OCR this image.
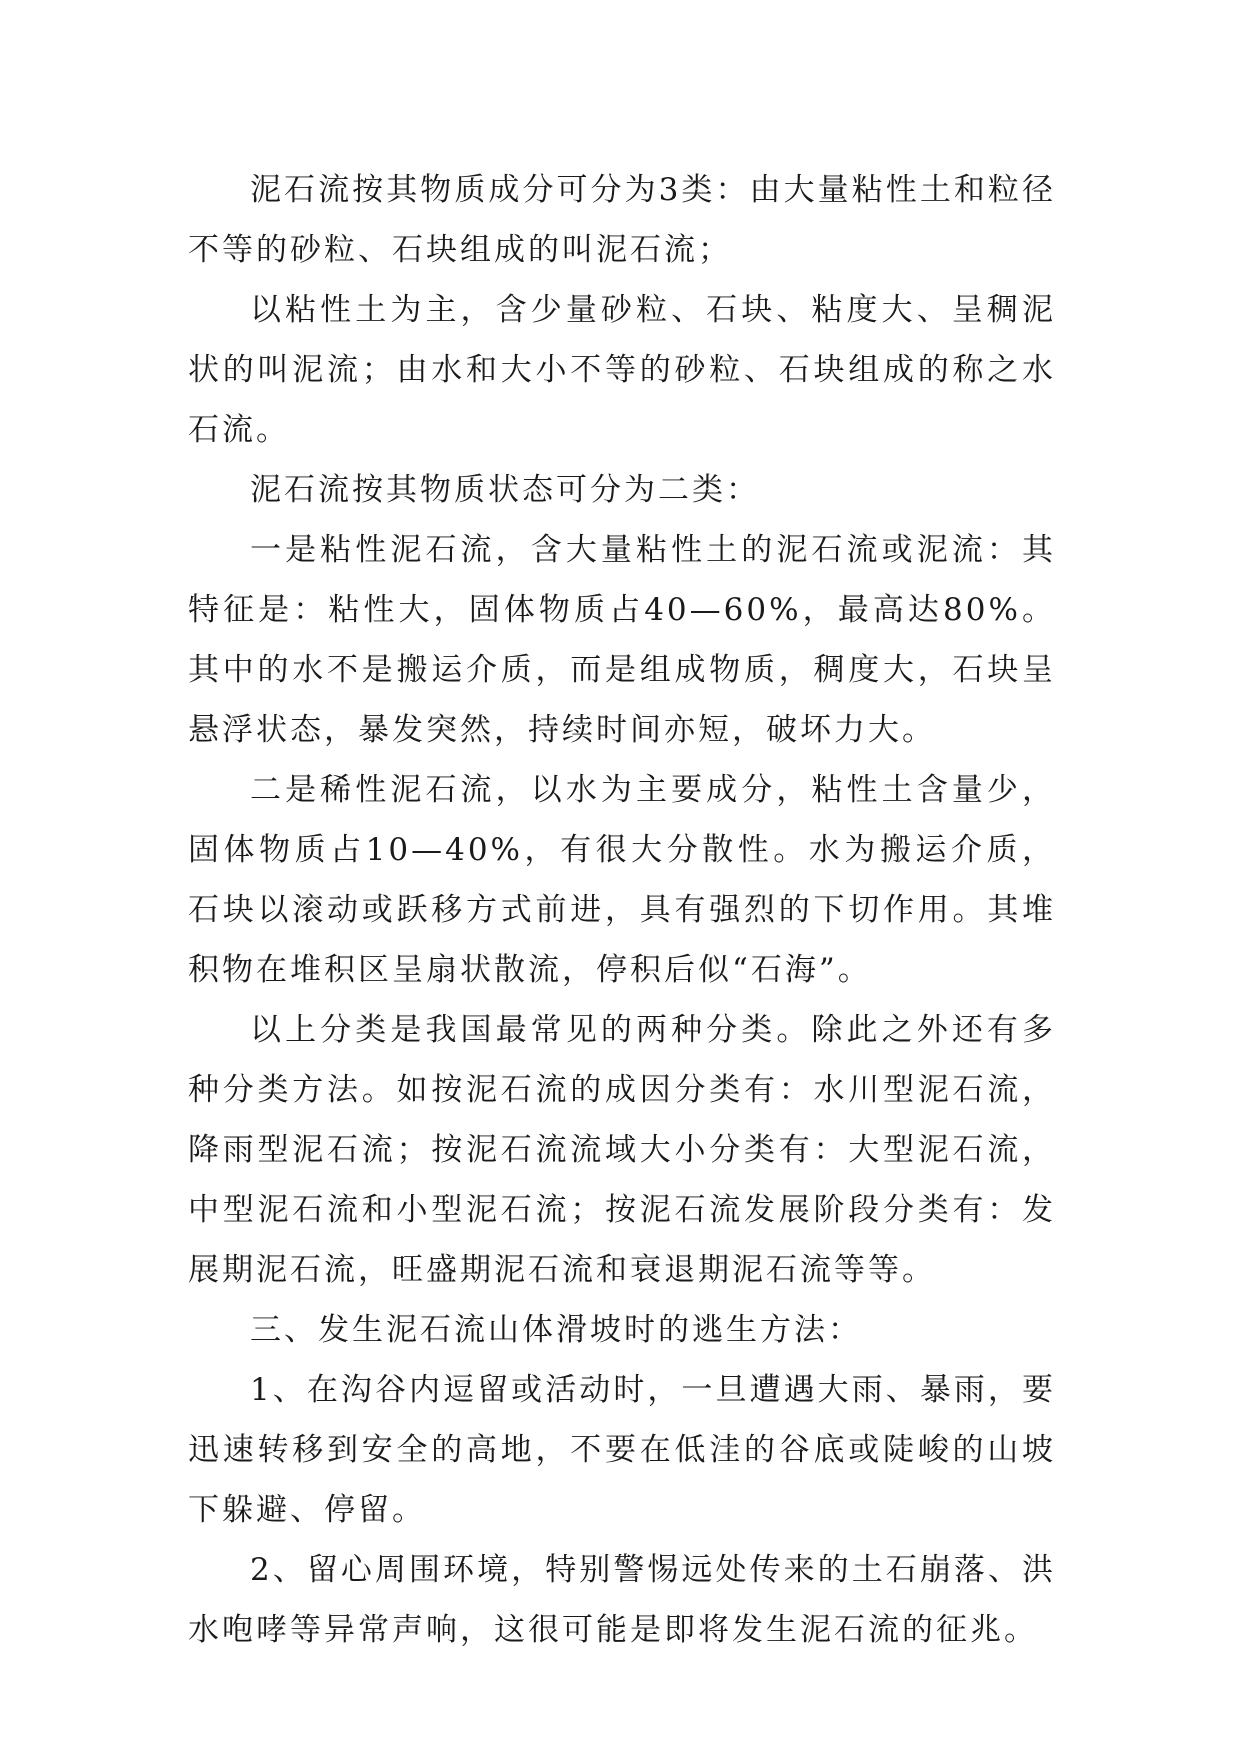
泥石流按其物质成分可分为3类：由大量粘性土和粒径不等的砂粒、石块组成的叫泥石流；

以粘性土为主，含少量砂粒、石块、粘度大、呈稠泥状的叫泥流；由水和大小不等的砂粒、石块组成的称之水石流。

泥石流按其物质状态可分为二类：

一是粘性泥石流，含大量粘性土的泥石流或泥流：其特征是：粘性大，固体物质占40—60%，最高达80%。其中的水不是搬运介质，而是组成物质，稠度大，石块呈悬浮状态，暴发突然，持续时间亦短，破坏力大。

二是稀性泥石流，以水为主要成分，粘性土含量少，固体物质占10—40%，有很大分散性。水为搬运介质，石块以滚动或跃移方式前进，具有强烈的下切作用。其堆积物在堆积区呈扇状散流，停积后似“石海”。

以上分类是我国最常见的两种分类。除此之外还有多种分类方法。如按泥石流的成因分类有：水川型泥石流，降雨型泥石流；按泥石流流域大小分类有：大型泥石流，中型泥石流和小型泥石流；按泥石流发展阶段分类有：发展期泥石流，旺盛期泥石流和衰退期泥石流等等。

三、发生泥石流山体滑坡时的逃生方法：

1、在沟谷内逗留或活动时，一旦遭遇大雨、暴雨，要迅速转移到安全的高地，不要在低洼的谷底或陡峻的山坡下躲避、停留。

2、留心周围环境，特别警惕远处传来的土石崩落、洪水咆哮等异常声响，这很可能是即将发生泥石流的征兆。
